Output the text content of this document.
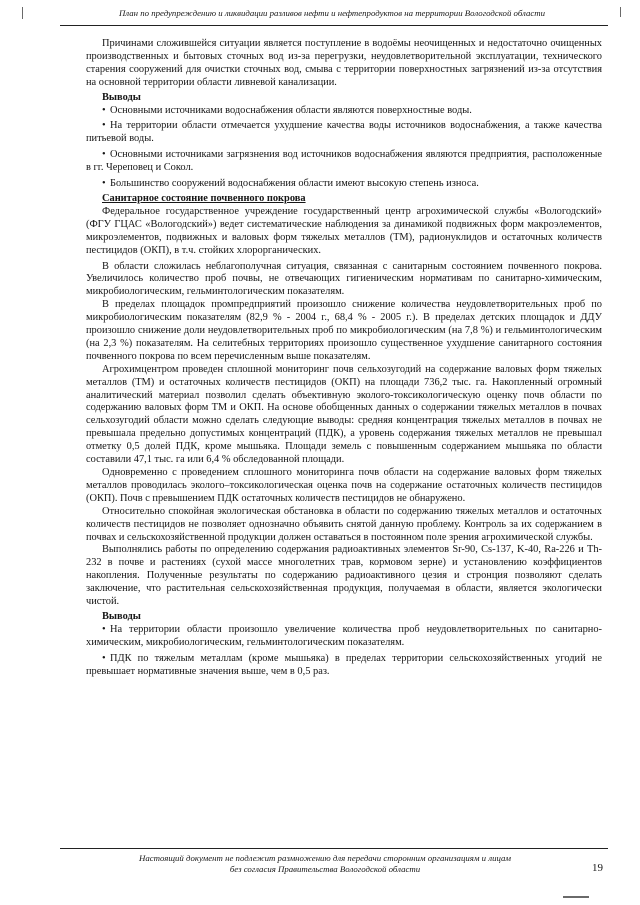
План по предупреждению и ликвидации разливов нефти и нефтепродуктов на территории Вологодской области

Причинами сложившейся ситуации является поступление в водоёмы неочищенных и недостаточно очищенных производственных и бытовых сточных вод из-за перегрузки, неудовлетворительной эксплуатации, технического старения сооружений для очистки сточных вод, смыва с территории поверхностных загрязнений из-за отсутствия на основной территории области ливневой канализации.

Выводы

• Основными источниками водоснабжения области являются поверхностные воды.

• На территории области отмечается ухудшение качества воды источников водоснабжения, а также качества питьевой воды.

• Основными источниками загрязнения вод источников водоснабжения являются предприятия, расположенные в гг. Череповец и Сокол.

• Большинство сооружений водоснабжения области имеют высокую степень износа.

Санитарное состояние почвенного покрова

Федеральное государственное учреждение государственный центр агрохимической службы «Вологодский» (ФГУ ГЦАС «Вологодский») ведет систематические наблюдения за динамикой подвижных форм макроэлементов, микроэлементов, подвижных и валовых форм тяжелых металлов (ТМ), радионуклидов и остаточных количеств пестицидов (ОКП), в т.ч. стойких хлорорганических.

В области сложилась неблагополучная ситуация, связанная с санитарным состоянием почвенного покрова. Увеличилось количество проб почвы, не отвечающих гигиеническим нормативам по санитарно-химическим, микробиологическим, гельминтологическим показателям.

В пределах площадок промпредприятий произошло снижение количества неудовлетворительных проб по микробиологическим показателям (82,9 % - 2004 г., 68,4 % - 2005 г.). В пределах детских площадок и ДДУ произошло снижение доли неудовлетворительных проб по микробиологическим (на 7,8 %) и гельминтологическим (на 2,3 %) показателям. На селитебных территориях произошло существенное ухудшение санитарного состояния почвенного покрова по всем перечисленным выше показателям.

Агрохимцентром проведен сплошной мониторинг почв сельхозугодий на содержание валовых форм тяжелых металлов (ТМ) и остаточных количеств пестицидов (ОКП) на площади 736,2 тыс. га. Накопленный огромный аналитический материал позволил сделать объективную эколого-токсикологическую оценку почв области по содержанию валовых форм ТМ и ОКП. На основе обобщенных данных о содержании тяжелых металлов в почвах сельхозугодий области можно сделать следующие выводы: средняя концентрация тяжелых металлов в почвах не превышала предельно допустимых концентраций (ПДК), а уровень содержания тяжелых металлов не превышал отметку 0,5 долей ПДК, кроме мышьяка. Площади земель с повышенным содержанием мышьяка по области составили 47,1 тыс. га или 6,4 % обследованной площади.

Одновременно с проведением сплошного мониторинга почв области на содержание валовых форм тяжелых металлов проводилась эколого–токсикологическая оценка почв на содержание остаточных количеств пестицидов (ОКП). Почв с превышением ПДК остаточных количеств пестицидов не обнаружено.

Относительно спокойная экологическая обстановка в области по содержанию тяжелых металлов и остаточных количеств пестицидов не позволяет однозначно объявить снятой данную проблему. Контроль за их содержанием в почвах и сельскохозяйственной продукции должен оставаться в постоянном поле зрения агрохимической службы.

Выполнялись работы по определению содержания радиоактивных элементов Sr-90, Cs-137, K-40, Ra-226 и Th-232 в почве и растениях (сухой массе многолетних трав, кормовом зерне) и установлению коэффициентов накопления. Полученные результаты по содержанию радиоактивного цезия и стронция позволяют сделать заключение, что растительная сельскохозяйственная продукция, получаемая в области, является экологически чистой.

Выводы

• На территории области произошло увеличение количества проб неудовлетворительных по санитарно-химическим, микробиологическим, гельминтологическим показателям.

• ПДК по тяжелым металлам (кроме мышьяка) в пределах территории сельскохозяйственных угодий не превышает нормативные значения выше, чем в 0,5 раз.

Настоящий документ не подлежит размножению для передачи сторонним организациям и лицам
без согласия Правительства Вологодской области	19
